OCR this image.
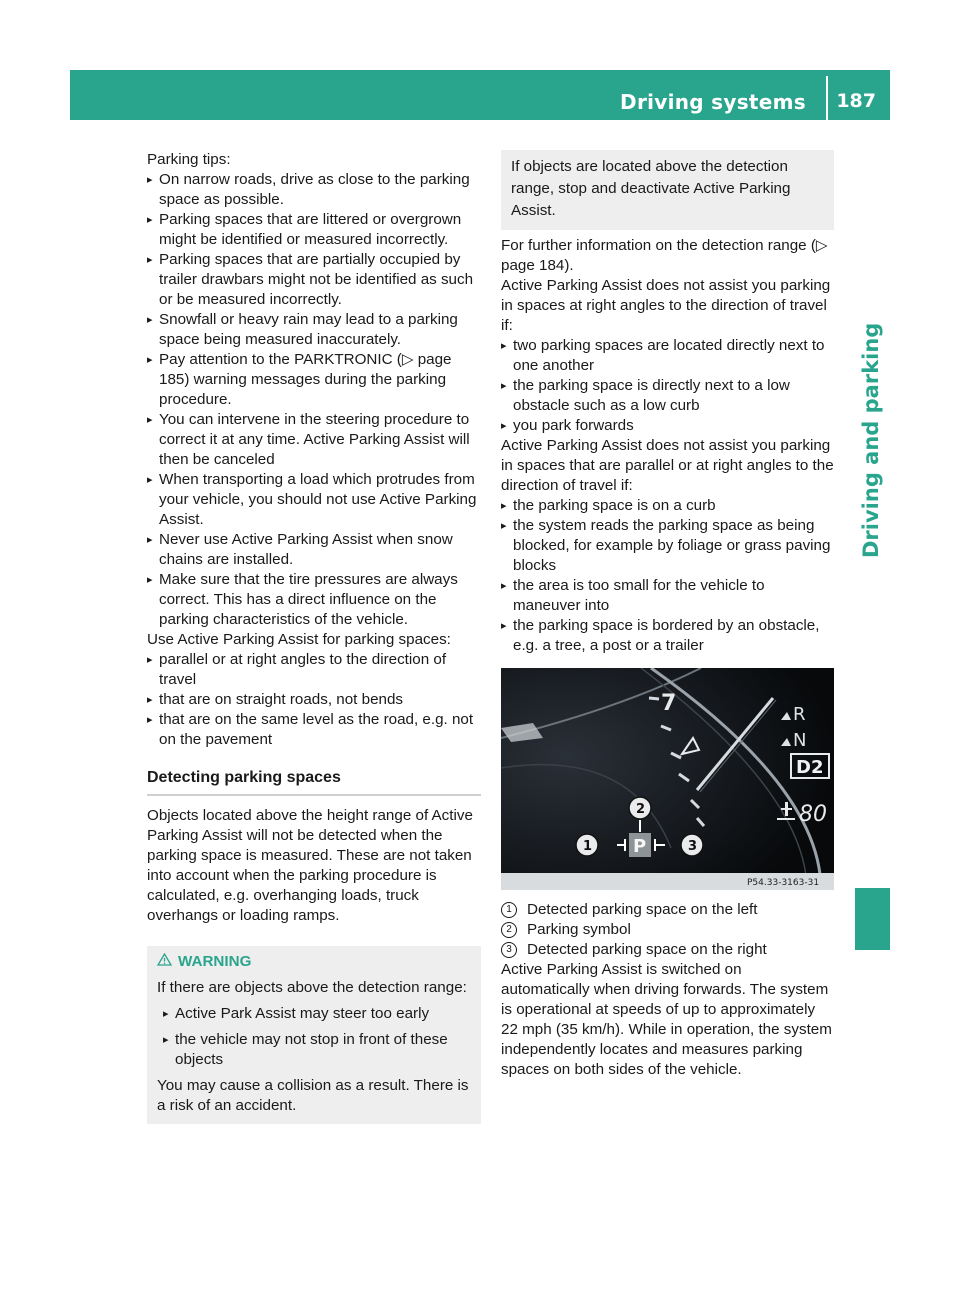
Driving systems 187
Driving and parking

Parking tips:

▸ On narrow roads, drive as close to the parking space as possible.
▸ Parking spaces that are littered or overgrown might be identified or measured incorrectly.
▸ Parking spaces that are partially occupied by trailer drawbars might not be identified as such or be measured incorrectly.
▸ Snowfall or heavy rain may lead to a parking space being measured inaccurately.
▸ Pay attention to the PARKTRONIC (▷ page 185) warning messages during the parking procedure.
▸ You can intervene in the steering procedure to correct it at any time. Active Parking Assist will then be canceled
▸ When transporting a load which protrudes from your vehicle, you should not use Active Parking Assist.
▸ Never use Active Parking Assist when snow chains are installed.
▸ Make sure that the tire pressures are always correct. This has a direct influence on the parking characteristics of the vehicle.

Use Active Parking Assist for parking spaces:

▸ parallel or at right angles to the direction of travel
▸ that are on straight roads, not bends
▸ that are on the same level as the road, e.g. not on the pavement
Detecting parking spaces

Objects located above the height range of Active Parking Assist will not be detected when the parking space is measured. These are not taken into account when the parking procedure is calculated, e.g. overhanging loads, truck overhangs or loading ramps.

WARNING

If there are objects above the detection range:

▸ Active Park Assist may steer too early
▸ the vehicle may not stop in front of these objects

You may cause a collision as a result. There is a risk of an accident.

If objects are located above the detection range, stop and deactivate Active Parking Assist.

For further information on the detection range (▷ page 184).

Active Parking Assist does not assist you parking in spaces at right angles to the direction of travel if:

▸ two parking spaces are located directly next to one another
▸ the parking space is directly next to a low obstacle such as a low curb
▸ you park forwards

Active Parking Assist does not assist you parking in spaces that are parallel or at right angles to the direction of travel if:

▸ the parking space is on a curb
▸ the system reads the parking space as being blocked, for example by foliage or grass paving blocks
▸ the area is too small for the vehicle to maneuver into
▸ the parking space is bordered by an obstacle, e.g. a tree, a post or a trailer
7	R
N
D2
80
P54.33-3163-31
P
1
2
3
1	Detected parking space on the left
2	Parking symbol
3	Detected parking space on the right

Active Parking Assist is switched on automatically when driving forwards. The system is operational at speeds of up to approximately 22 mph (35 km/h). While in operation, the system independently locates and measures parking spaces on both sides of the vehicle.
